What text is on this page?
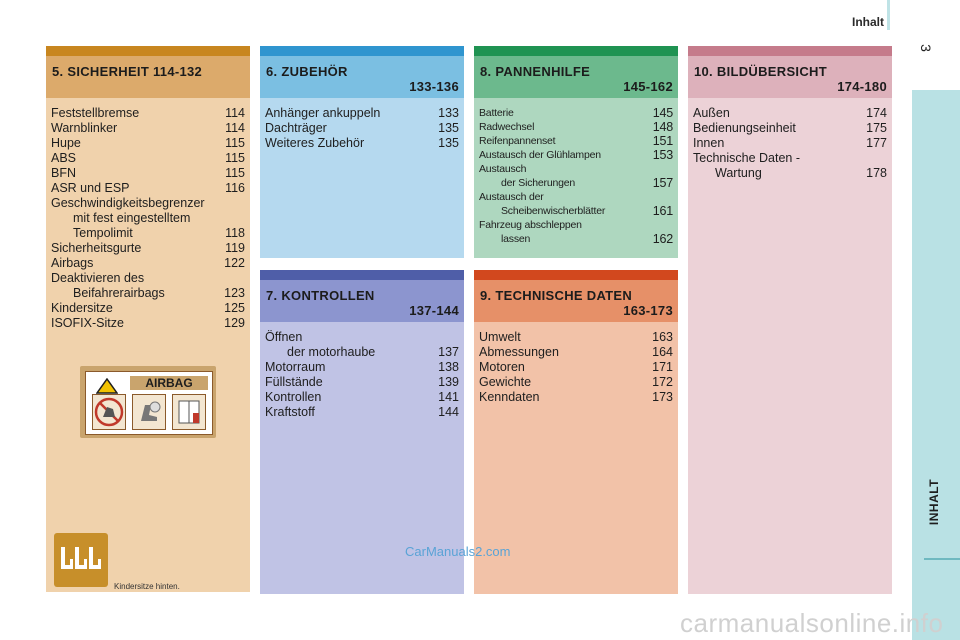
Inhalt
3
INHALT
5. SICHERHEIT 114-132
Feststellbremse	114
Warnblinker	114
Hupe	115
ABS	115
BFN	115
ASR und ESP	116
Geschwindigkeitsbegrenzer
mit fest eingestelltem
Tempolimit	118
Sicherheitsgurte	119
Airbags	122
Deaktivieren des
Beifahrerairbags	123
Kindersitze	125
ISOFIX-Sitze	129
AIRBAG
Kindersitze hinten.
6. ZUBEHÖR
133-136
Anhänger ankuppeln	133
Dachträger	135
Weiteres Zubehör	135
7. KONTROLLEN
137-144
Öffnen
der motorhaube	137
Motorraum	138
Füllstände	139
Kontrollen	141
Kraftstoff	144
8. PANNENHILFE
145-162
Batterie	145
Radwechsel	148
Reifenpannenset	151
Austausch der Glühlampen	153
Austausch
der Sicherungen	157
Austausch der
Scheibenwischerblätter	161
Fahrzeug abschleppen
lassen	162
9. TECHNISCHE DATEN
163-173
Umwelt	163
Abmessungen	164
Motoren	171
Gewichte	172
Kenndaten	173
10. BILDÜBERSICHT
174-180
Außen	174
Bedienungseinheit	175
Innen	177
Technische Daten -
Wartung	178
CarManuals2.com
carmanualsonline.info
